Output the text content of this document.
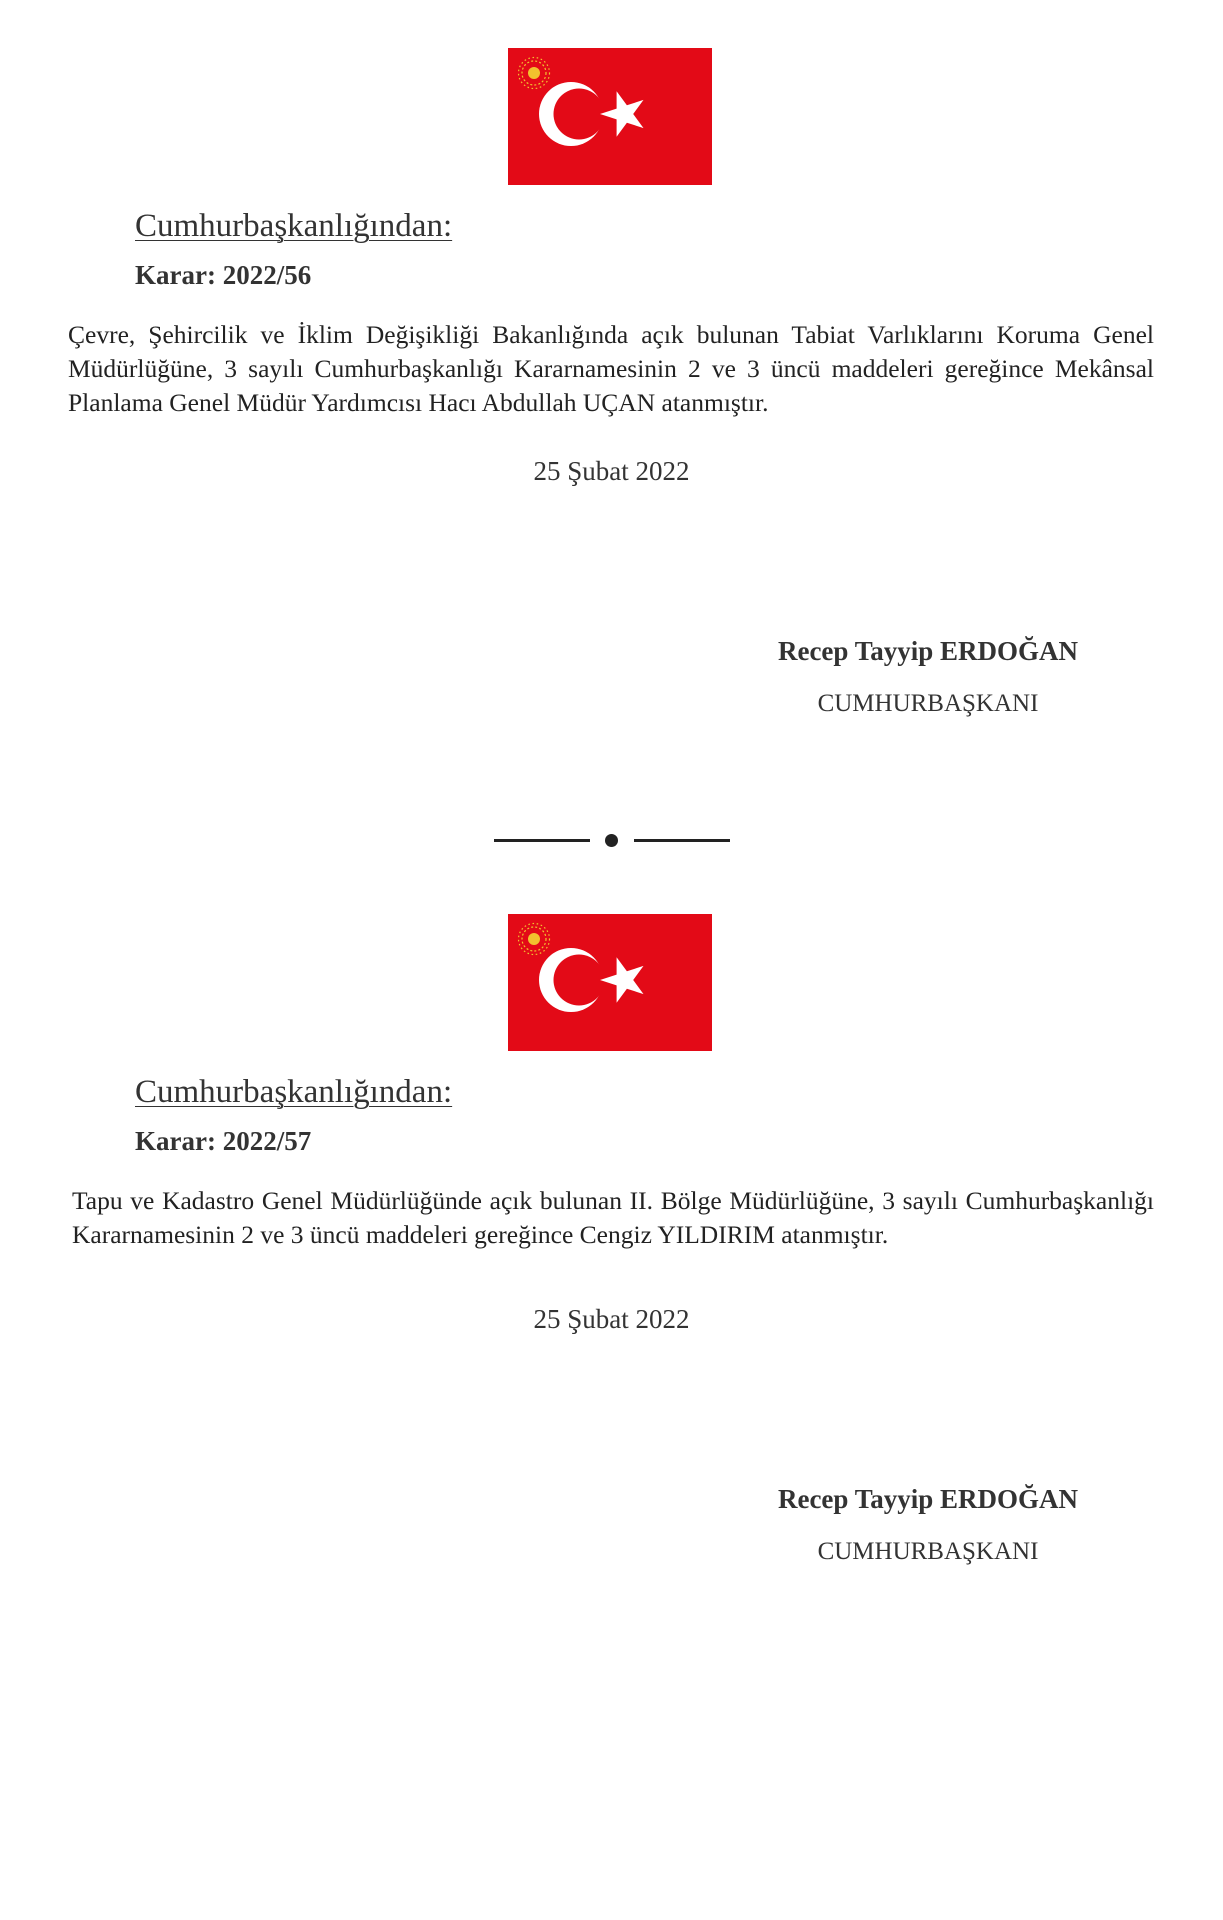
Cumhurbaşkanlığından:
Karar: 2022/56

Çevre, Şehircilik ve İklim Değişikliği Bakanlığında açık bulunan Tabiat Varlıklarını Koruma Genel Müdürlüğüne, 3 sayılı Cumhurbaşkanlığı Kararnamesinin 2 ve 3 üncü maddeleri gereğince Mekânsal Planlama Genel Müdür Yardımcısı Hacı Abdullah UÇAN atanmıştır.

25 Şubat 2022
Recep Tayyip ERDOĞAN
CUMHURBAŞKANI
Cumhurbaşkanlığından:
Karar: 2022/57

Tapu ve Kadastro Genel Müdürlüğünde açık bulunan II. Bölge Müdürlüğüne, 3 sayılı Cumhurbaşkanlığı Kararnamesinin 2 ve 3 üncü maddeleri gereğince Cengiz YILDIRIM atanmıştır.

25 Şubat 2022
Recep Tayyip ERDOĞAN
CUMHURBAŞKANI
